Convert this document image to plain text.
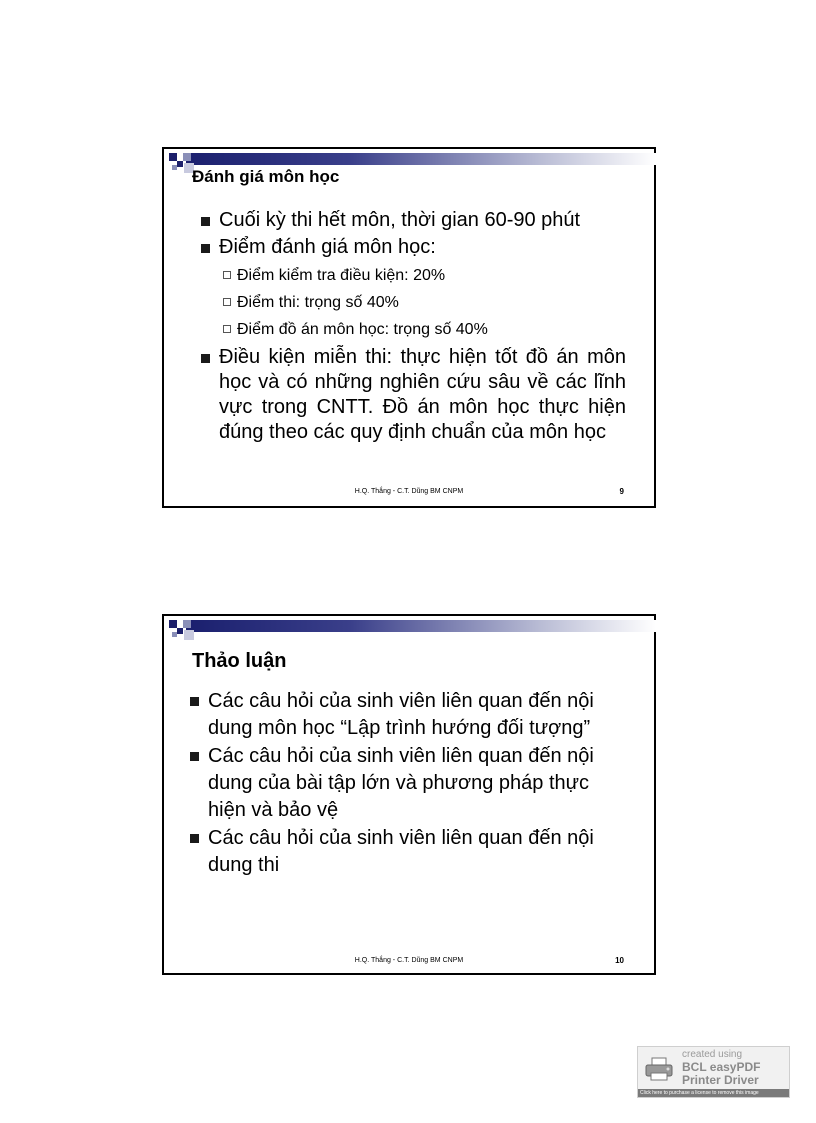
Đánh giá môn học
Cuối kỳ thi hết môn, thời gian 60-90 phút
Điểm đánh giá môn học:
Điểm kiểm tra điều kiện: 20%
Điểm thi: trọng số 40%
Điểm đồ án môn học: trọng số 40%
Điều kiện miễn thi: thực hiện tốt đồ án môn học và có những nghiên cứu sâu về các lĩnh vực trong CNTT. Đồ án môn học thực hiện đúng theo các quy định chuẩn của môn học
H.Q. Thắng - C.T. Dũng BM CNPM	9
Thảo luận
Các câu hỏi của sinh viên liên quan đến nội dung môn học “Lập trình hướng đối tượng”
Các câu hỏi của sinh viên liên quan đến nội dung của bài tập lớn và phương pháp thực hiện và bảo vệ
Các câu hỏi của sinh viên liên quan đến nội dung thi
H.Q. Thắng - C.T. Dũng BM CNPM	10
created using
BCL easyPDF
Printer Driver
Click here to purchase a license to remove this image
